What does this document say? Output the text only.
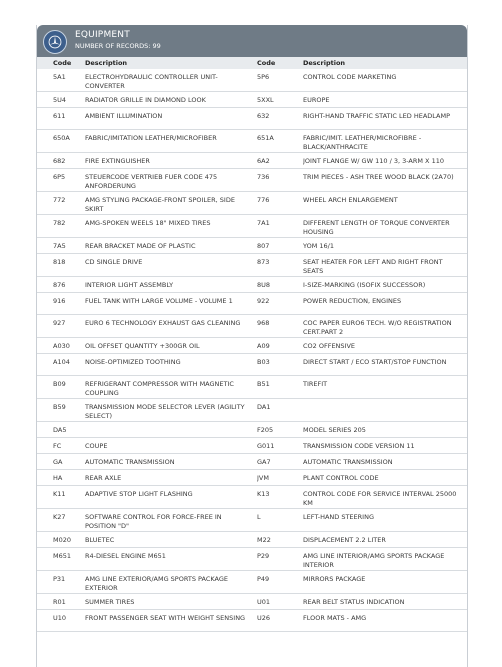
EQUIPMENT
NUMBER OF RECORDS: 99
Code	Description	Code	Description

5A1	ELECTROHYDRAULIC CONTROLLER UNIT-CONVERTER	5P6	CONTROL CODE MARKETING

5U4	RADIATOR GRILLE IN DIAMOND LOOK	5XXL	EUROPE

611	AMBIENT ILLUMINATION	632	RIGHT-HAND TRAFFIC STATIC LED HEADLAMP

650A	FABRIC/IMITATION LEATHER/MICROFIBER	651A	FABRIC/IMIT. LEATHER/MICROFIBRE - BLACK/ANTHRACITE

682	FIRE EXTINGUISHER	6A2	JOINT FLANGE W/ GW 110 / 3, 3-ARM X 110

6P5	STEUERCODE VERTRIEB FUER CODE 475 ANFORDERUNG	736	TRIM PIECES - ASH TREE WOOD BLACK (2A70)

772	AMG STYLING PACKAGE-FRONT SPOILER, SIDE SKIRT	776	WHEEL ARCH ENLARGEMENT

782	AMG-SPOKEN WEELS 18" MIXED TIRES	7A1	DIFFERENT LENGTH OF TORQUE CONVERTER HOUSING

7A5	REAR BRACKET MADE OF PLASTIC	807	YOM 16/1

818	CD SINGLE DRIVE	873	SEAT HEATER FOR LEFT AND RIGHT FRONT SEATS

876	INTERIOR LIGHT ASSEMBLY	8U8	I-SIZE-MARKING (ISOFIX SUCCESSOR)

916	FUEL TANK WITH LARGE VOLUME - VOLUME 1	922	POWER REDUCTION, ENGINES

927	EURO 6 TECHNOLOGY EXHAUST GAS CLEANING	968	COC PAPER EURO6 TECH. W/O REGISTRATION CERT.PART 2

A030	OIL OFFSET QUANTITY +300GR OIL	A09	CO2 OFFENSIVE

A104	NOISE-OPTIMIZED TOOTHING	B03	DIRECT START / ECO START/STOP FUNCTION

B09	REFRIGERANT COMPRESSOR WITH MAGNETIC COUPLING	B51	TIREFIT

B59	TRANSMISSION MODE SELECTOR LEVER (AGILITY SELECT)	DA1	

DA5		F205	MODEL SERIES 205

FC	COUPE	G011	TRANSMISSION CODE VERSION 11

GA	AUTOMATIC TRANSMISSION	GA7	AUTOMATIC TRANSMISSION

HA	REAR AXLE	JVM	PLANT CONTROL CODE

K11	ADAPTIVE STOP LIGHT FLASHING	K13	CONTROL CODE FOR SERVICE INTERVAL 25000 KM

K27	SOFTWARE CONTROL FOR FORCE-FREE IN POSITION "D"	L	LEFT-HAND STEERING

M020	BLUETEC	M22	DISPLACEMENT 2.2 LITER

M651	R4-DIESEL ENGINE M651	P29	AMG LINE INTERIOR/AMG SPORTS PACKAGE INTERIOR

P31	AMG LINE EXTERIOR/AMG SPORTS PACKAGE EXTERIOR	P49	MIRRORS PACKAGE

R01	SUMMER TIRES	U01	REAR BELT STATUS INDICATION

U10	FRONT PASSENGER SEAT WITH WEIGHT SENSING	U26	FLOOR MATS - AMG
